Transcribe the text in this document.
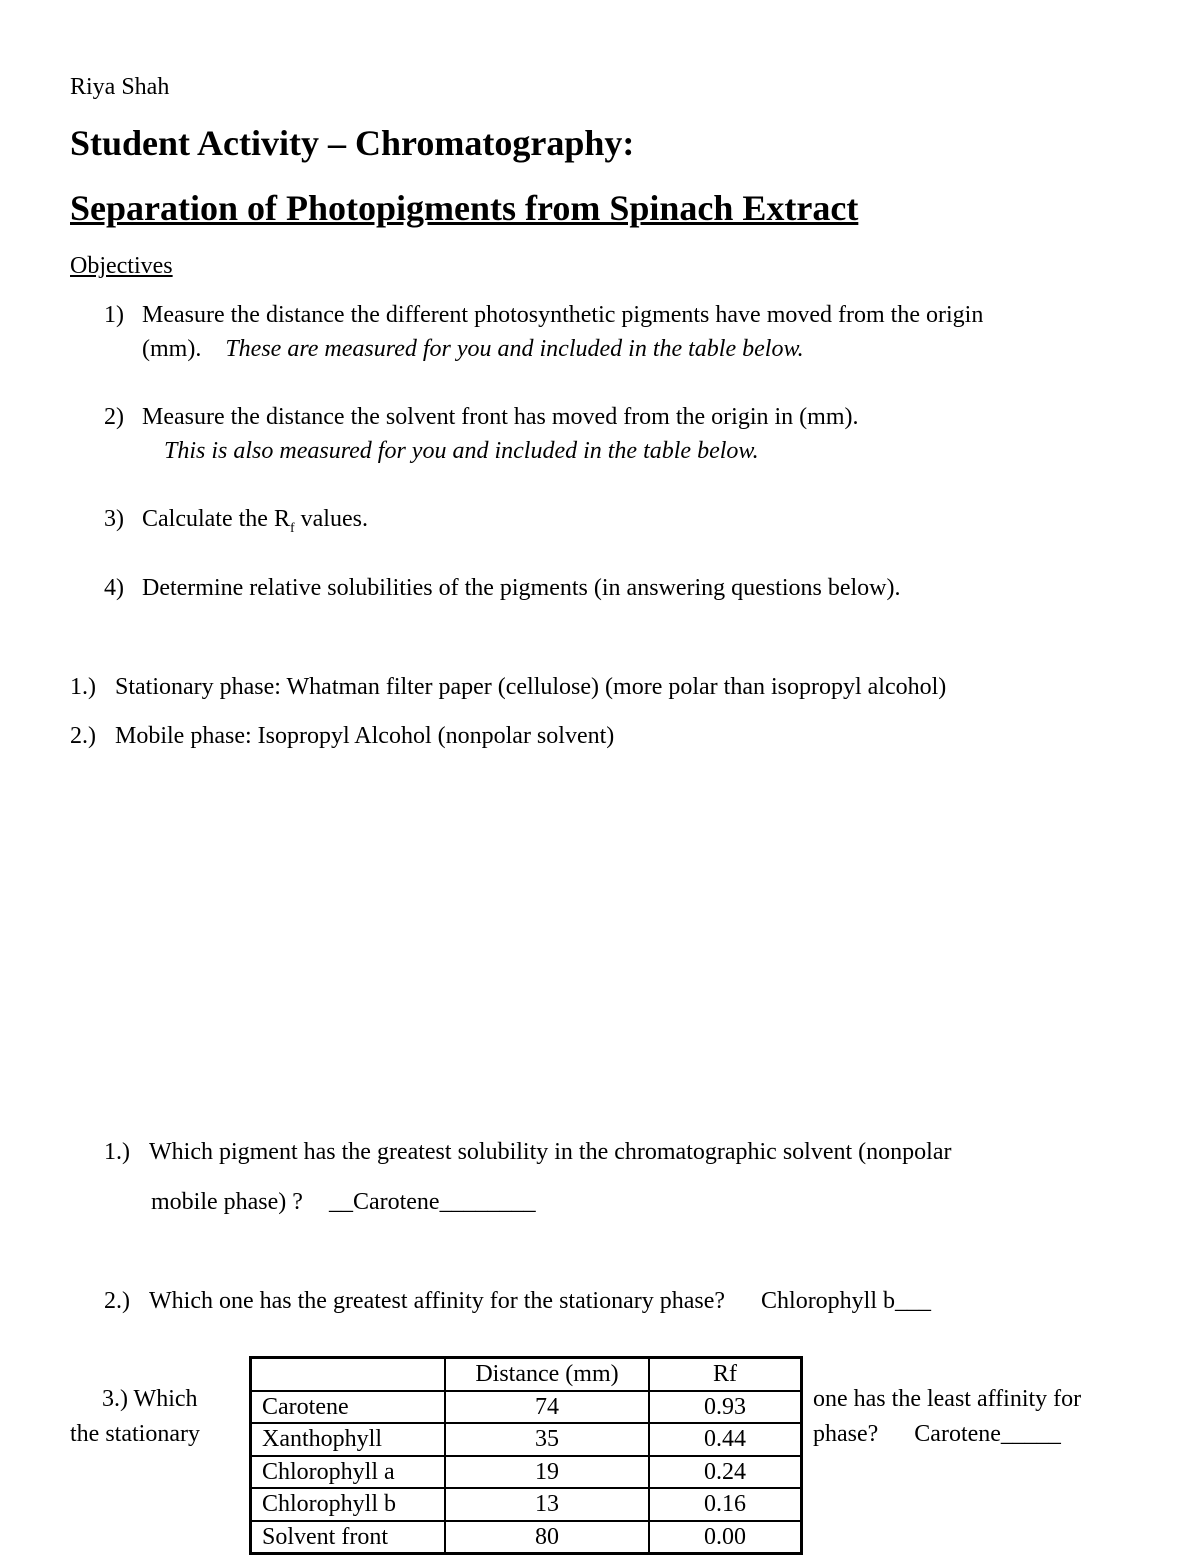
Riya Shah
Student Activity – Chromatography:
Separation of Photopigments from Spinach Extract
Objectives
1) Measure the distance the different photosynthetic pigments have moved from the origin
(mm). These are measured for you and included in the table below.
2) Measure the distance the solvent front has moved from the origin in (mm).
This is also measured for you and included in the table below.
3) Calculate the $R_f$ values.
4) Determine relative solubilities of the pigments (in answering questions below).
1.) Stationary phase: Whatman filter paper (cellulose) (more polar than isopropyl alcohol)
2.) Mobile phase: Isopropyl Alcohol (nonpolar solvent)
1.) Which pigment has the greatest solubility in the chromatographic solvent (nonpolar
mobile phase) ? __Carotene________
2.) Which one has the greatest affinity for the stationary phase? Chlorophyll b___
3.) Which
the stationary
one has the least affinity for
phase? Carotene_____
	Distance (mm)	Rf
Carotene	74	0.93
Xanthophyll	35	0.44
Chlorophyll a	19	0.24
Chlorophyll b	13	0.16
Solvent front	80	0.00
